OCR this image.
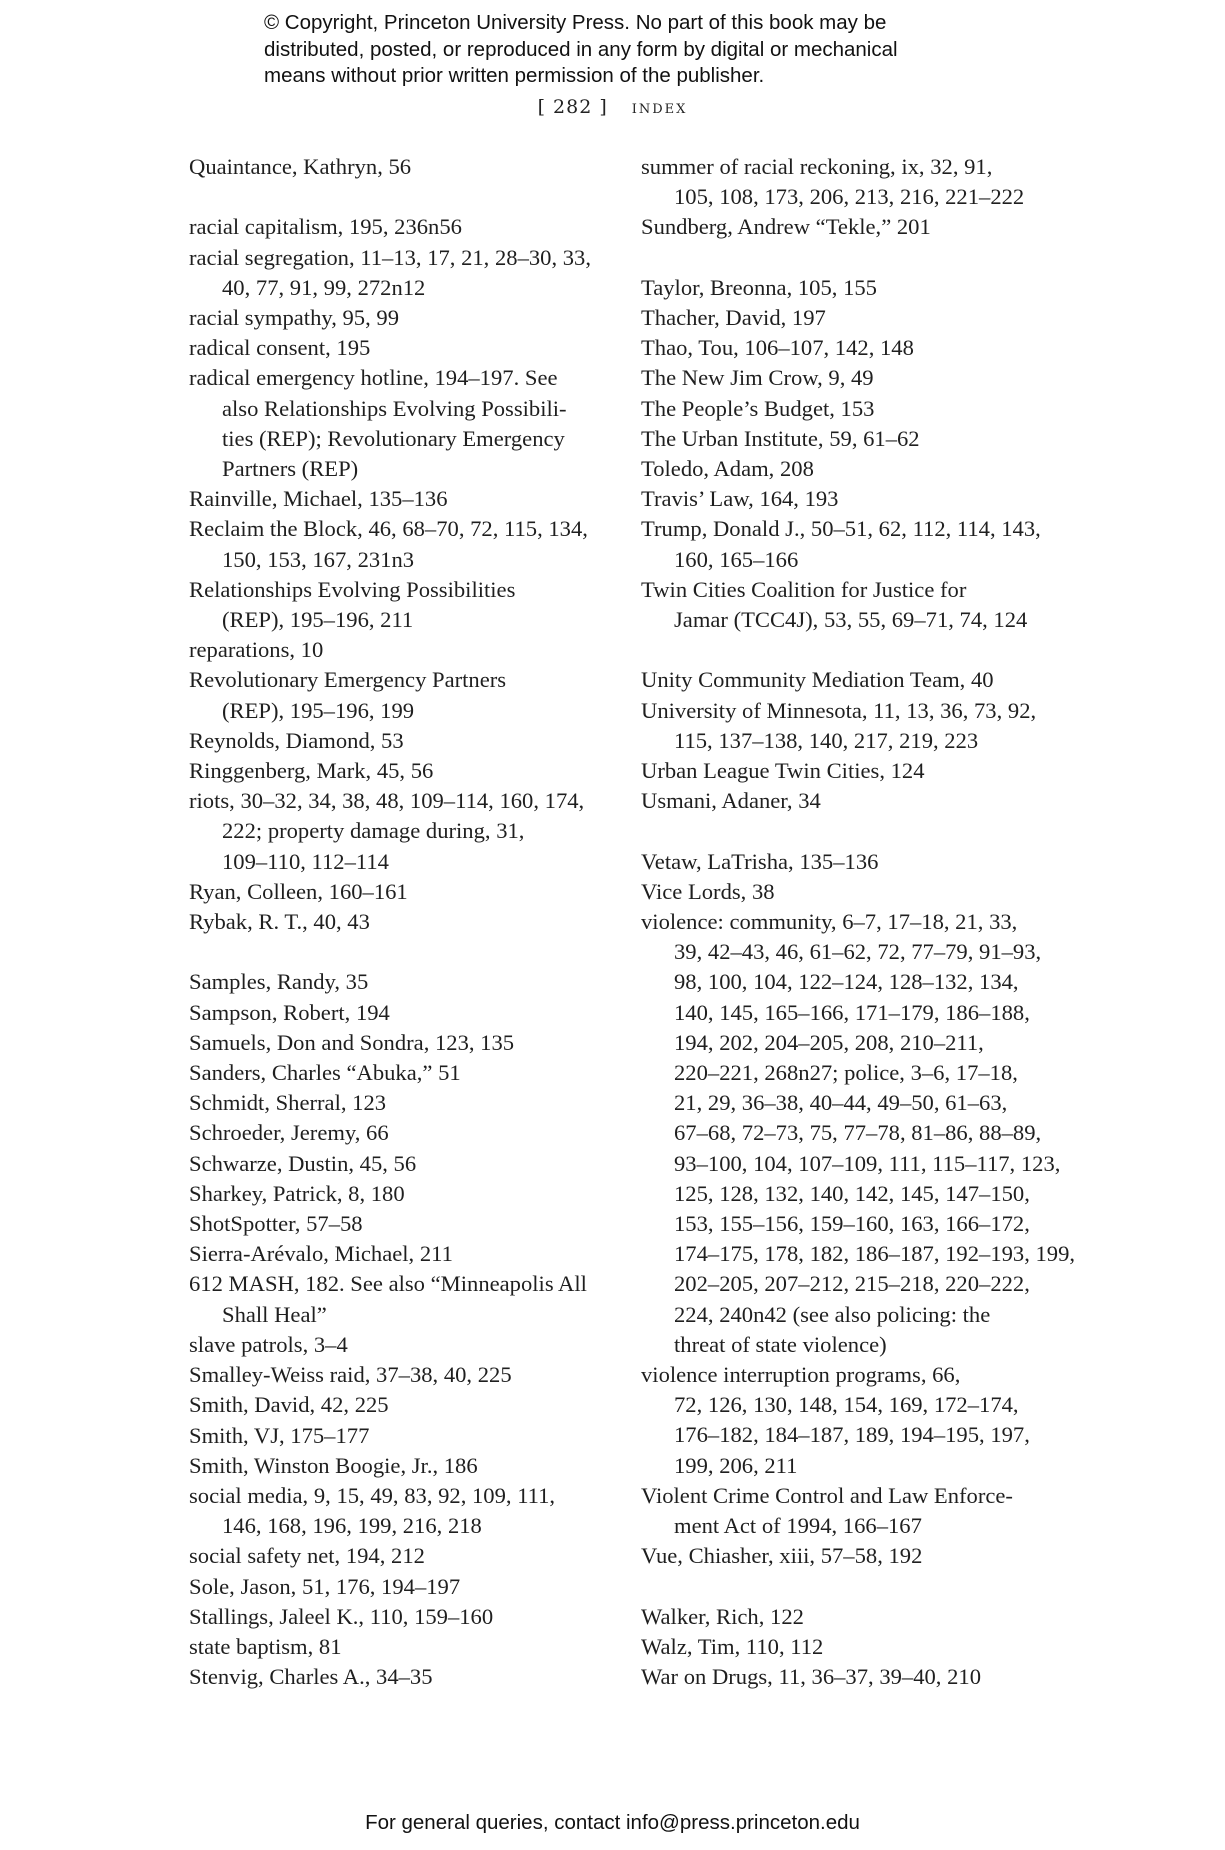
© Copyright, Princeton University Press. No part of this book may be
distributed, posted, or reproduced in any form by digital or mechanical
means without prior written permission of the publisher.
[ 282 ] index
Quaintance, Kathryn, 56
racial capitalism, 195, 236n56
racial segregation, 11–13, 17, 21, 28–30, 33,
40, 77, 91, 99, 272n12
racial sympathy, 95, 99
radical consent, 195
radical emergency hotline, 194–197. See
also Relationships Evolving Possibili-
ties (REP); Revolutionary Emergency
Partners (REP)
Rainville, Michael, 135–136
Reclaim the Block, 46, 68–70, 72, 115, 134,
150, 153, 167, 231n3
Relationships Evolving Possibilities
(REP), 195–196, 211
reparations, 10
Revolutionary Emergency Partners
(REP), 195–196, 199
Reynolds, Diamond, 53
Ringgenberg, Mark, 45, 56
riots, 30–32, 34, 38, 48, 109–114, 160, 174,
222; property damage during, 31,
109–110, 112–114
Ryan, Colleen, 160–161
Rybak, R. T., 40, 43
Samples, Randy, 35
Sampson, Robert, 194
Samuels, Don and Sondra, 123, 135
Sanders, Charles “Abuka,” 51
Schmidt, Sherral, 123
Schroeder, Jeremy, 66
Schwarze, Dustin, 45, 56
Sharkey, Patrick, 8, 180
ShotSpotter, 57–58
Sierra-Arévalo, Michael, 211
612 MASH, 182. See also “Minneapolis All
Shall Heal”
slave patrols, 3–4
Smalley-Weiss raid, 37–38, 40, 225
Smith, David, 42, 225
Smith, VJ, 175–177
Smith, Winston Boogie, Jr., 186
social media, 9, 15, 49, 83, 92, 109, 111,
146, 168, 196, 199, 216, 218
social safety net, 194, 212
Sole, Jason, 51, 176, 194–197
Stallings, Jaleel K., 110, 159–160
state baptism, 81
Stenvig, Charles A., 34–35
summer of racial reckoning, ix, 32, 91,
105, 108, 173, 206, 213, 216, 221–222
Sundberg, Andrew “Tekle,” 201
Taylor, Breonna, 105, 155
Thacher, David, 197
Thao, Tou, 106–107, 142, 148
The New Jim Crow, 9, 49
The People’s Budget, 153
The Urban Institute, 59, 61–62
Toledo, Adam, 208
Travis’ Law, 164, 193
Trump, Donald J., 50–51, 62, 112, 114, 143,
160, 165–166
Twin Cities Coalition for Justice for
Jamar (TCC4J), 53, 55, 69–71, 74, 124
Unity Community Mediation Team, 40
University of Minnesota, 11, 13, 36, 73, 92,
115, 137–138, 140, 217, 219, 223
Urban League Twin Cities, 124
Usmani, Adaner, 34
Vetaw, LaTrisha, 135–136
Vice Lords, 38
violence: community, 6–7, 17–18, 21, 33,
39, 42–43, 46, 61–62, 72, 77–79, 91–93,
98, 100, 104, 122–124, 128–132, 134,
140, 145, 165–166, 171–179, 186–188,
194, 202, 204–205, 208, 210–211,
220–221, 268n27; police, 3–6, 17–18,
21, 29, 36–38, 40–44, 49–50, 61–63,
67–68, 72–73, 75, 77–78, 81–86, 88–89,
93–100, 104, 107–109, 111, 115–117, 123,
125, 128, 132, 140, 142, 145, 147–150,
153, 155–156, 159–160, 163, 166–172,
174–175, 178, 182, 186–187, 192–193, 199,
202–205, 207–212, 215–218, 220–222,
224, 240n42 (see also policing: the
threat of state violence)
violence interruption programs, 66,
72, 126, 130, 148, 154, 169, 172–174,
176–182, 184–187, 189, 194–195, 197,
199, 206, 211
Violent Crime Control and Law Enforce-
ment Act of 1994, 166–167
Vue, Chiasher, xiii, 57–58, 192
Walker, Rich, 122
Walz, Tim, 110, 112
War on Drugs, 11, 36–37, 39–40, 210
For general queries, contact info@press.princeton.edu
